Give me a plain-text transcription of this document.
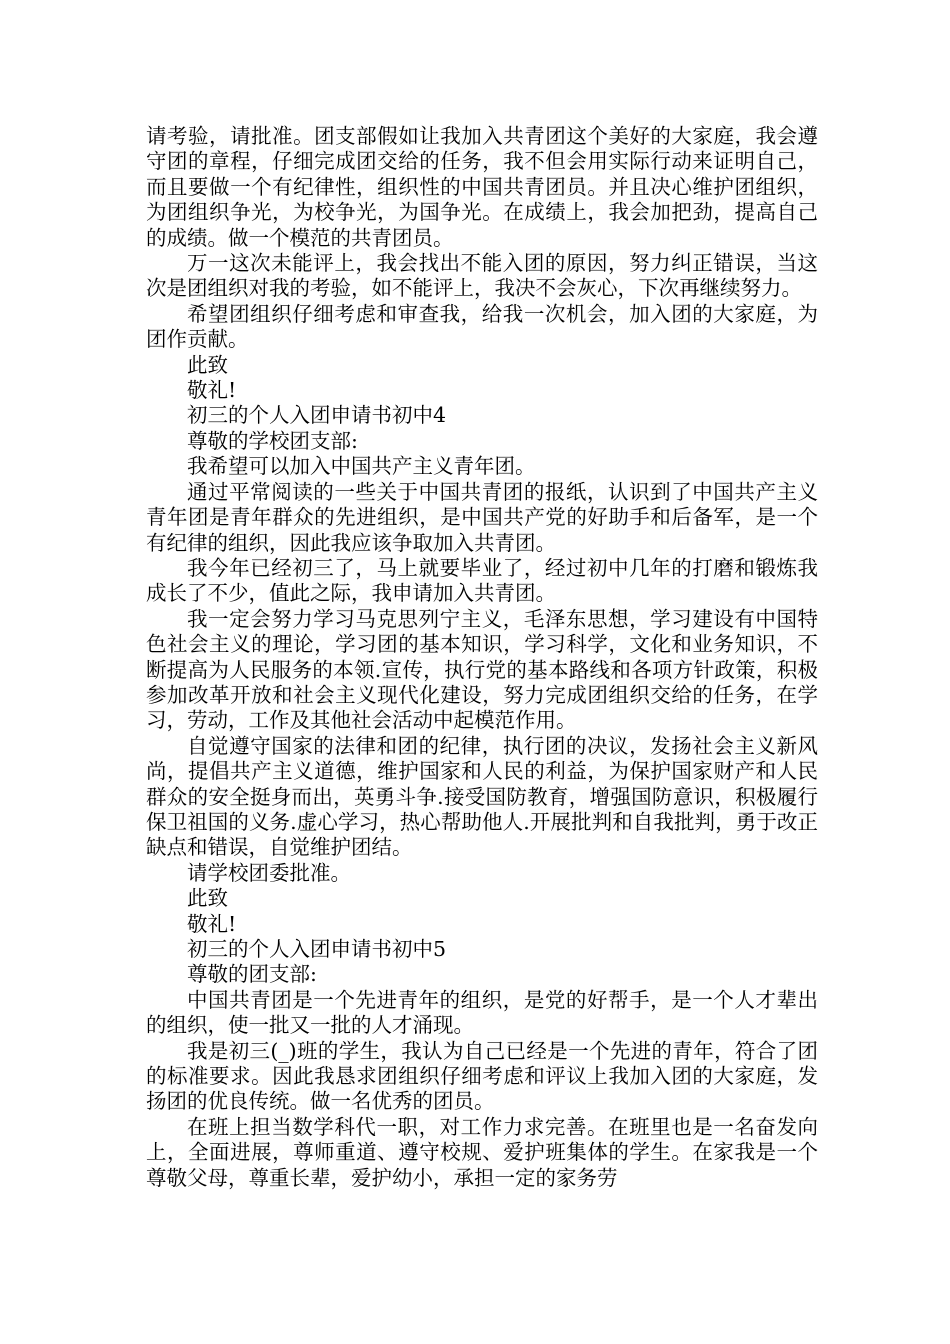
请考验，请批准。团支部假如让我加入共青团这个美好的大家庭，我会遵守团的章程，仔细完成团交给的任务，我不但会用实际行动来证明自己，而且要做一个有纪律性，组织性的中国共青团员。并且决心维护团组织，为团组织争光，为校争光，为国争光。在成绩上，我会加把劲，提高自己的成绩。做一个模范的共青团员。

万一这次未能评上，我会找出不能入团的原因，努力纠正错误，当这次是团组织对我的考验，如不能评上，我决不会灰心，下次再继续努力。

希望团组织仔细考虑和审查我，给我一次机会，加入团的大家庭，为团作贡献。

此致

敬礼!

初三的个人入团申请书初中4

尊敬的学校团支部:

我希望可以加入中国共产主义青年团。

通过平常阅读的一些关于中国共青团的报纸，认识到了中国共产主义青年团是青年群众的先进组织，是中国共产党的好助手和后备军，是一个有纪律的组织，因此我应该争取加入共青团。

我今年已经初三了，马上就要毕业了，经过初中几年的打磨和锻炼我成长了不少，值此之际，我申请加入共青团。

我一定会努力学习马克思列宁主义，毛泽东思想，学习建设有中国特色社会主义的理论，学习团的基本知识，学习科学，文化和业务知识，不断提高为人民服务的本领.宣传，执行党的基本路线和各项方针政策，积极参加改革开放和社会主义现代化建设，努力完成团组织交给的任务，在学习，劳动，工作及其他社会活动中起模范作用。

自觉遵守国家的法律和团的纪律，执行团的决议，发扬社会主义新风尚，提倡共产主义道德，维护国家和人民的利益，为保护国家财产和人民群众的安全挺身而出，英勇斗争.接受国防教育，增强国防意识，积极履行保卫祖国的义务.虚心学习，热心帮助他人.开展批判和自我批判，勇于改正缺点和错误，自觉维护团结。

请学校团委批准。

此致

敬礼!

初三的个人入团申请书初中5

尊敬的团支部:

中国共青团是一个先进青年的组织，是党的好帮手，是一个人才辈出的组织，使一批又一批的人才涌现。

我是初三(_)班的学生，我认为自己已经是一个先进的青年，符合了团的标准要求。因此我恳求团组织仔细考虑和评议上我加入团的大家庭，发扬团的优良传统。做一名优秀的团员。

在班上担当数学科代一职，对工作力求完善。在班里也是一名奋发向上，全面进展，尊师重道、遵守校规、爱护班集体的学生。在家我是一个尊敬父母，尊重长辈，爱护幼小，承担一定的家务劳
